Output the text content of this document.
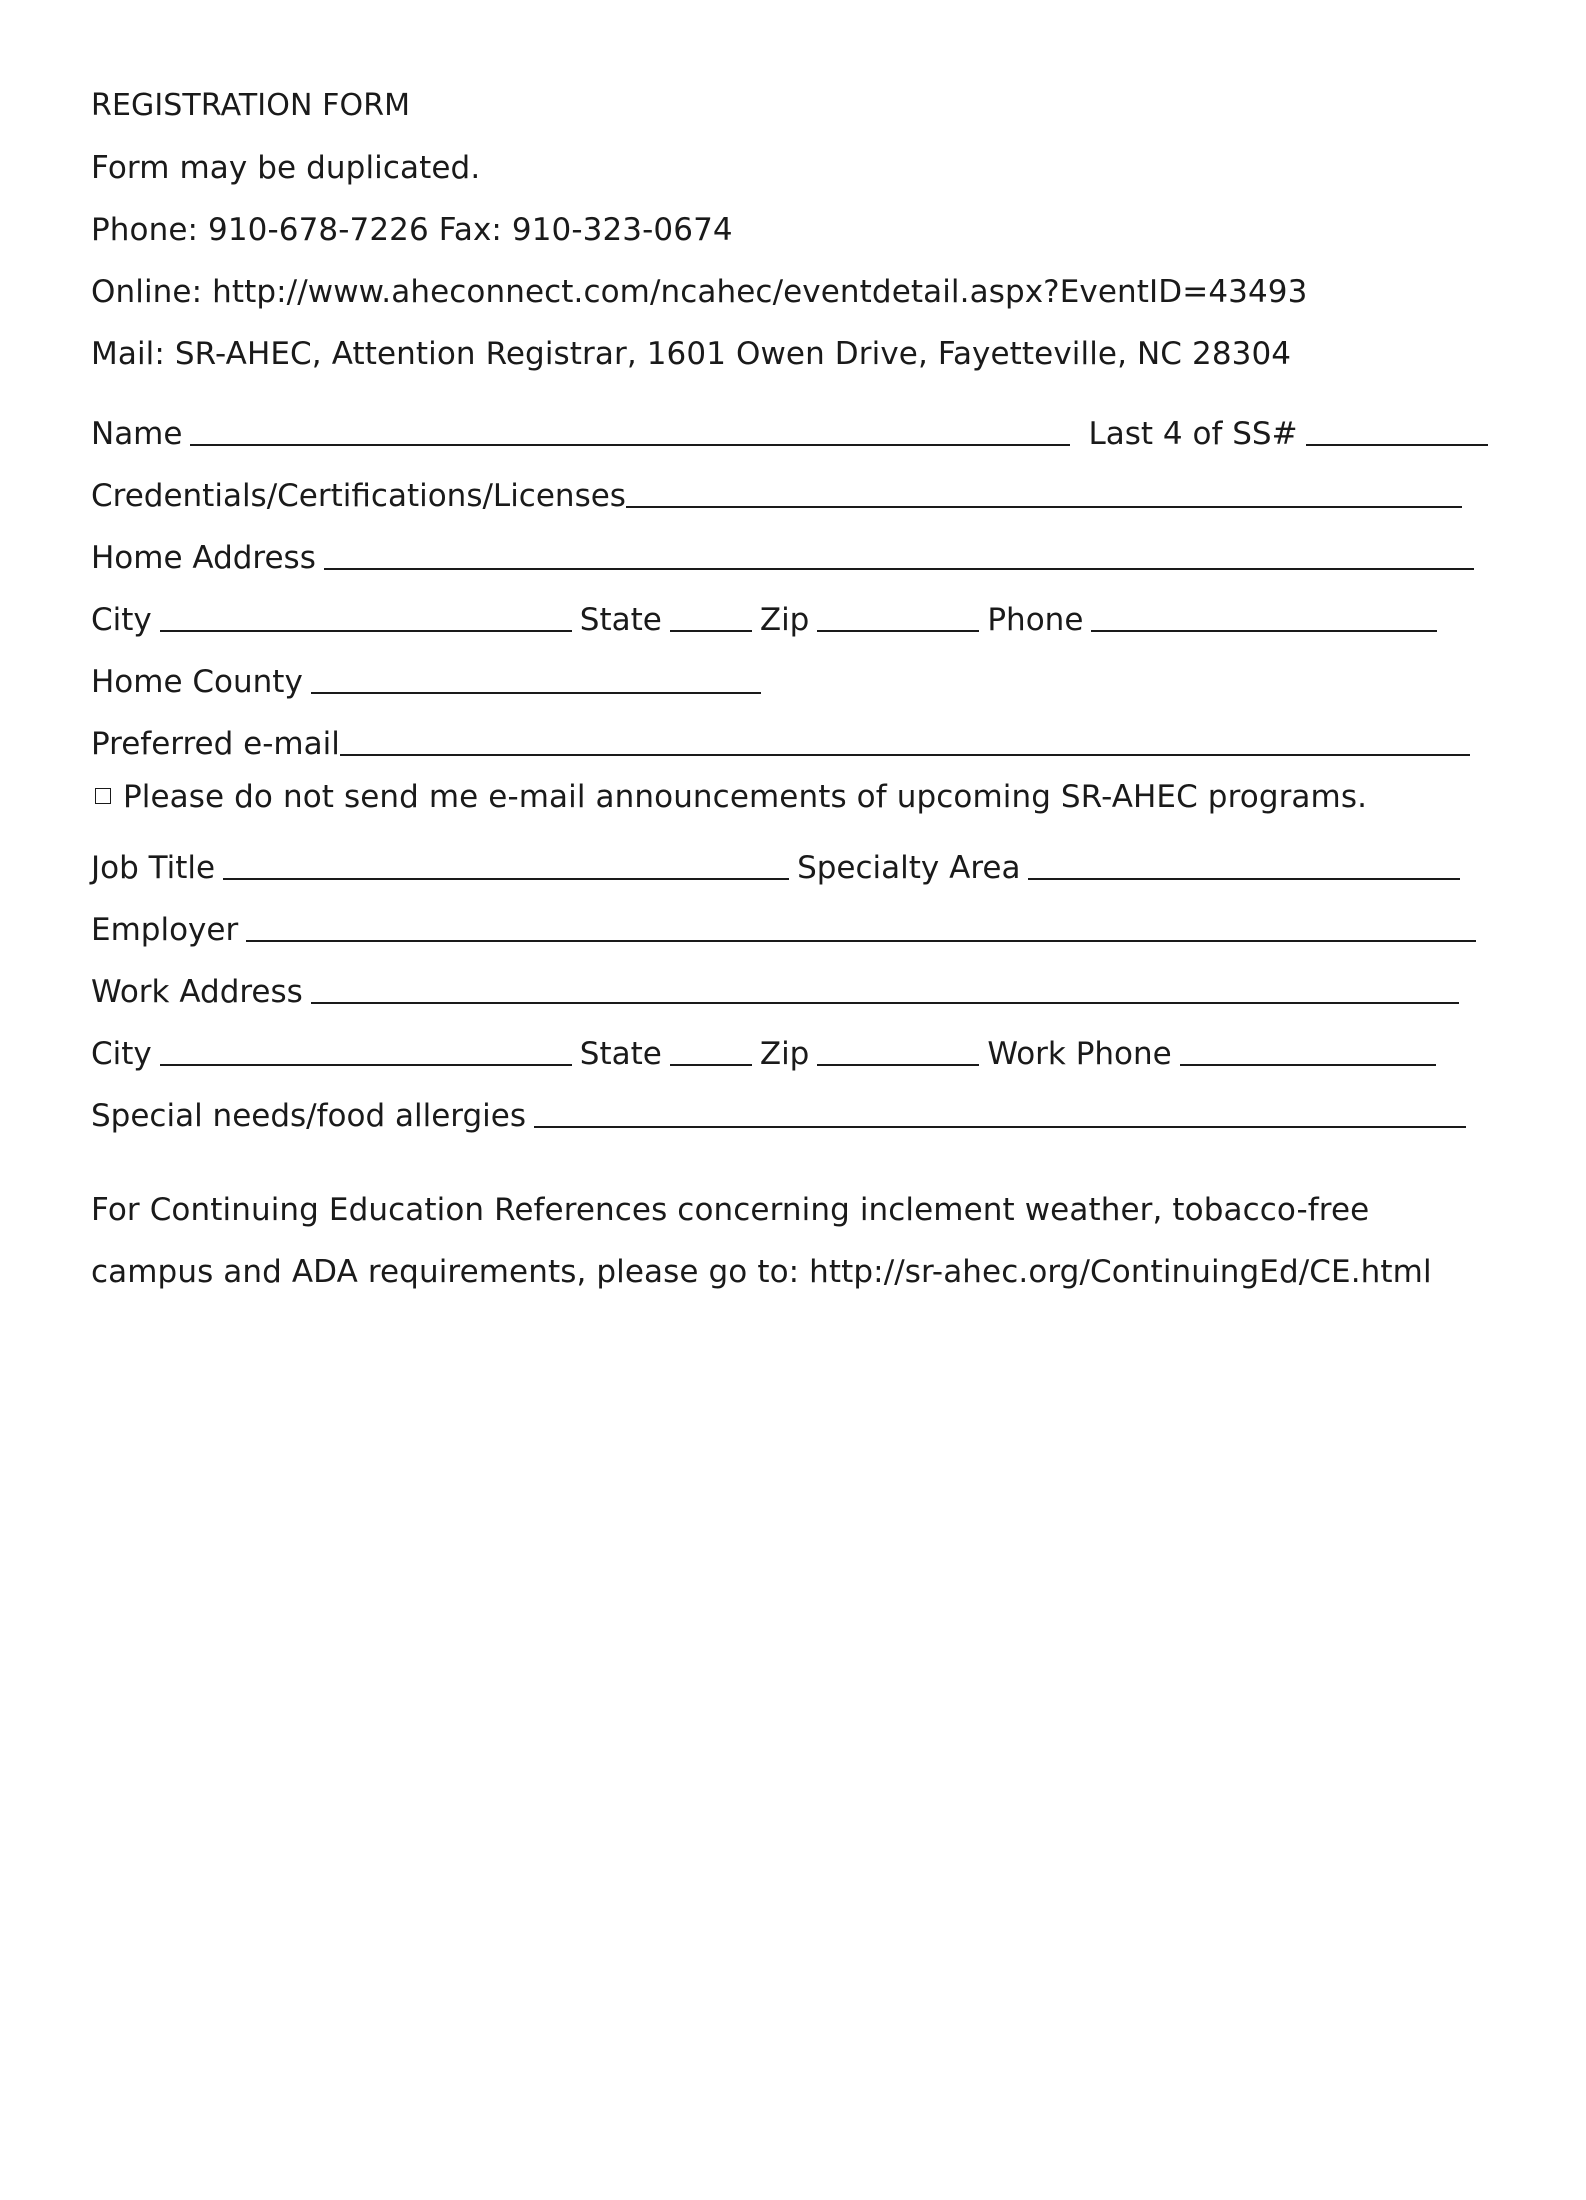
REGISTRATION FORM
Form may be duplicated.
Phone: 910-678-7226 Fax: 910-323-0674
Online: http://www.aheconnect.com/ncahec/eventdetail.aspx?EventID=43493
Mail: SR-AHEC, Attention Registrar, 1601 Owen Drive, Fayetteville, NC 28304
Name	Last 4 of SS#
Credentials/Certifications/Licenses
Home Address
City	State	Zip	Phone
Home County
Preferred e-mail
Please do not send me e-mail announcements of upcoming SR-AHEC programs.
Job Title	Specialty Area
Employer
Work Address
City	State	Zip	Work Phone
Special needs/food allergies
For Continuing Education References concerning inclement weather, tobacco-free
campus and ADA requirements, please go to: http://sr-ahec.org/ContinuingEd/CE.html
